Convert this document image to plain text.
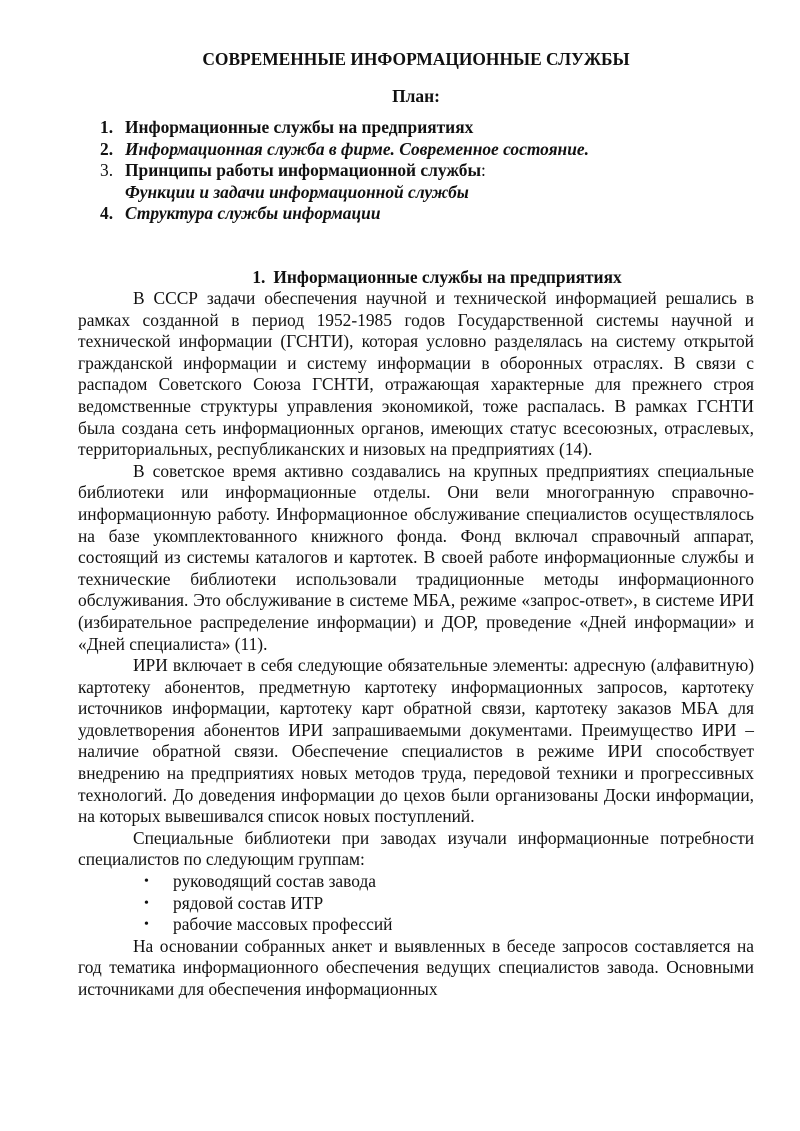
СОВРЕМЕННЫЕ ИНФОРМАЦИОННЫЕ СЛУЖБЫ
План:
1. Информационные службы на предприятиях
2. Информационная служба в фирме. Современное состояние.
3. Принципы работы информационной службы:
Функции и задачи информационной службы
4. Структура службы информации
1. Информационные службы на предприятиях

В СССР задачи обеспечения научной и технической информацией решались в рамках созданной в период 1952-1985 годов Государственной системы научной и технической информации (ГСНТИ), которая условно разделялась на систему открытой гражданской информации и систему информации в оборонных отраслях. В связи с распадом Советского Союза ГСНТИ, отражающая характерные для прежнего строя ведомственные структуры управления экономикой, тоже распалась. В рамках ГСНТИ была создана сеть информационных органов, имеющих статус всесоюзных, отраслевых, территориальных, республиканских и низовых на предприятиях (14).

В советское время активно создавались на крупных предприятиях специальные библиотеки или информационные отделы. Они вели многогранную справочно-информационную работу. Информационное обслуживание специалистов осуществлялось на базе укомплектованного книжного фонда. Фонд включал справочный аппарат, состоящий из системы каталогов и картотек. В своей работе информационные службы и технические библиотеки использовали традиционные методы информационного обслуживания. Это обслуживание в системе МБА, режиме «запрос-ответ», в системе ИРИ (избирательное распределение информации) и ДОР, проведение «Дней информации» и «Дней специалиста» (11).

ИРИ включает в себя следующие обязательные элементы: адресную (алфавитную) картотеку абонентов, предметную картотеку информационных запросов, картотеку источников информации, картотеку карт обратной связи, картотеку заказов МБА для удовлетворения абонентов ИРИ запрашиваемыми документами. Преимущество ИРИ – наличие обратной связи. Обеспечение специалистов в режиме ИРИ способствует внедрению на предприятиях новых методов труда, передовой техники и прогрессивных технологий. До доведения информации до цехов были организованы Доски информации, на которых вывешивался список новых поступлений.

Специальные библиотеки при заводах изучали информационные потребности специалистов по следующим группам:

• руководящий состав завода
• рядовой состав ИТР
• рабочие массовых профессий

На основании собранных анкет и выявленных в беседе запросов составляется на год тематика информационного обеспечения ведущих специалистов завода. Основными источниками для обеспечения информационных
